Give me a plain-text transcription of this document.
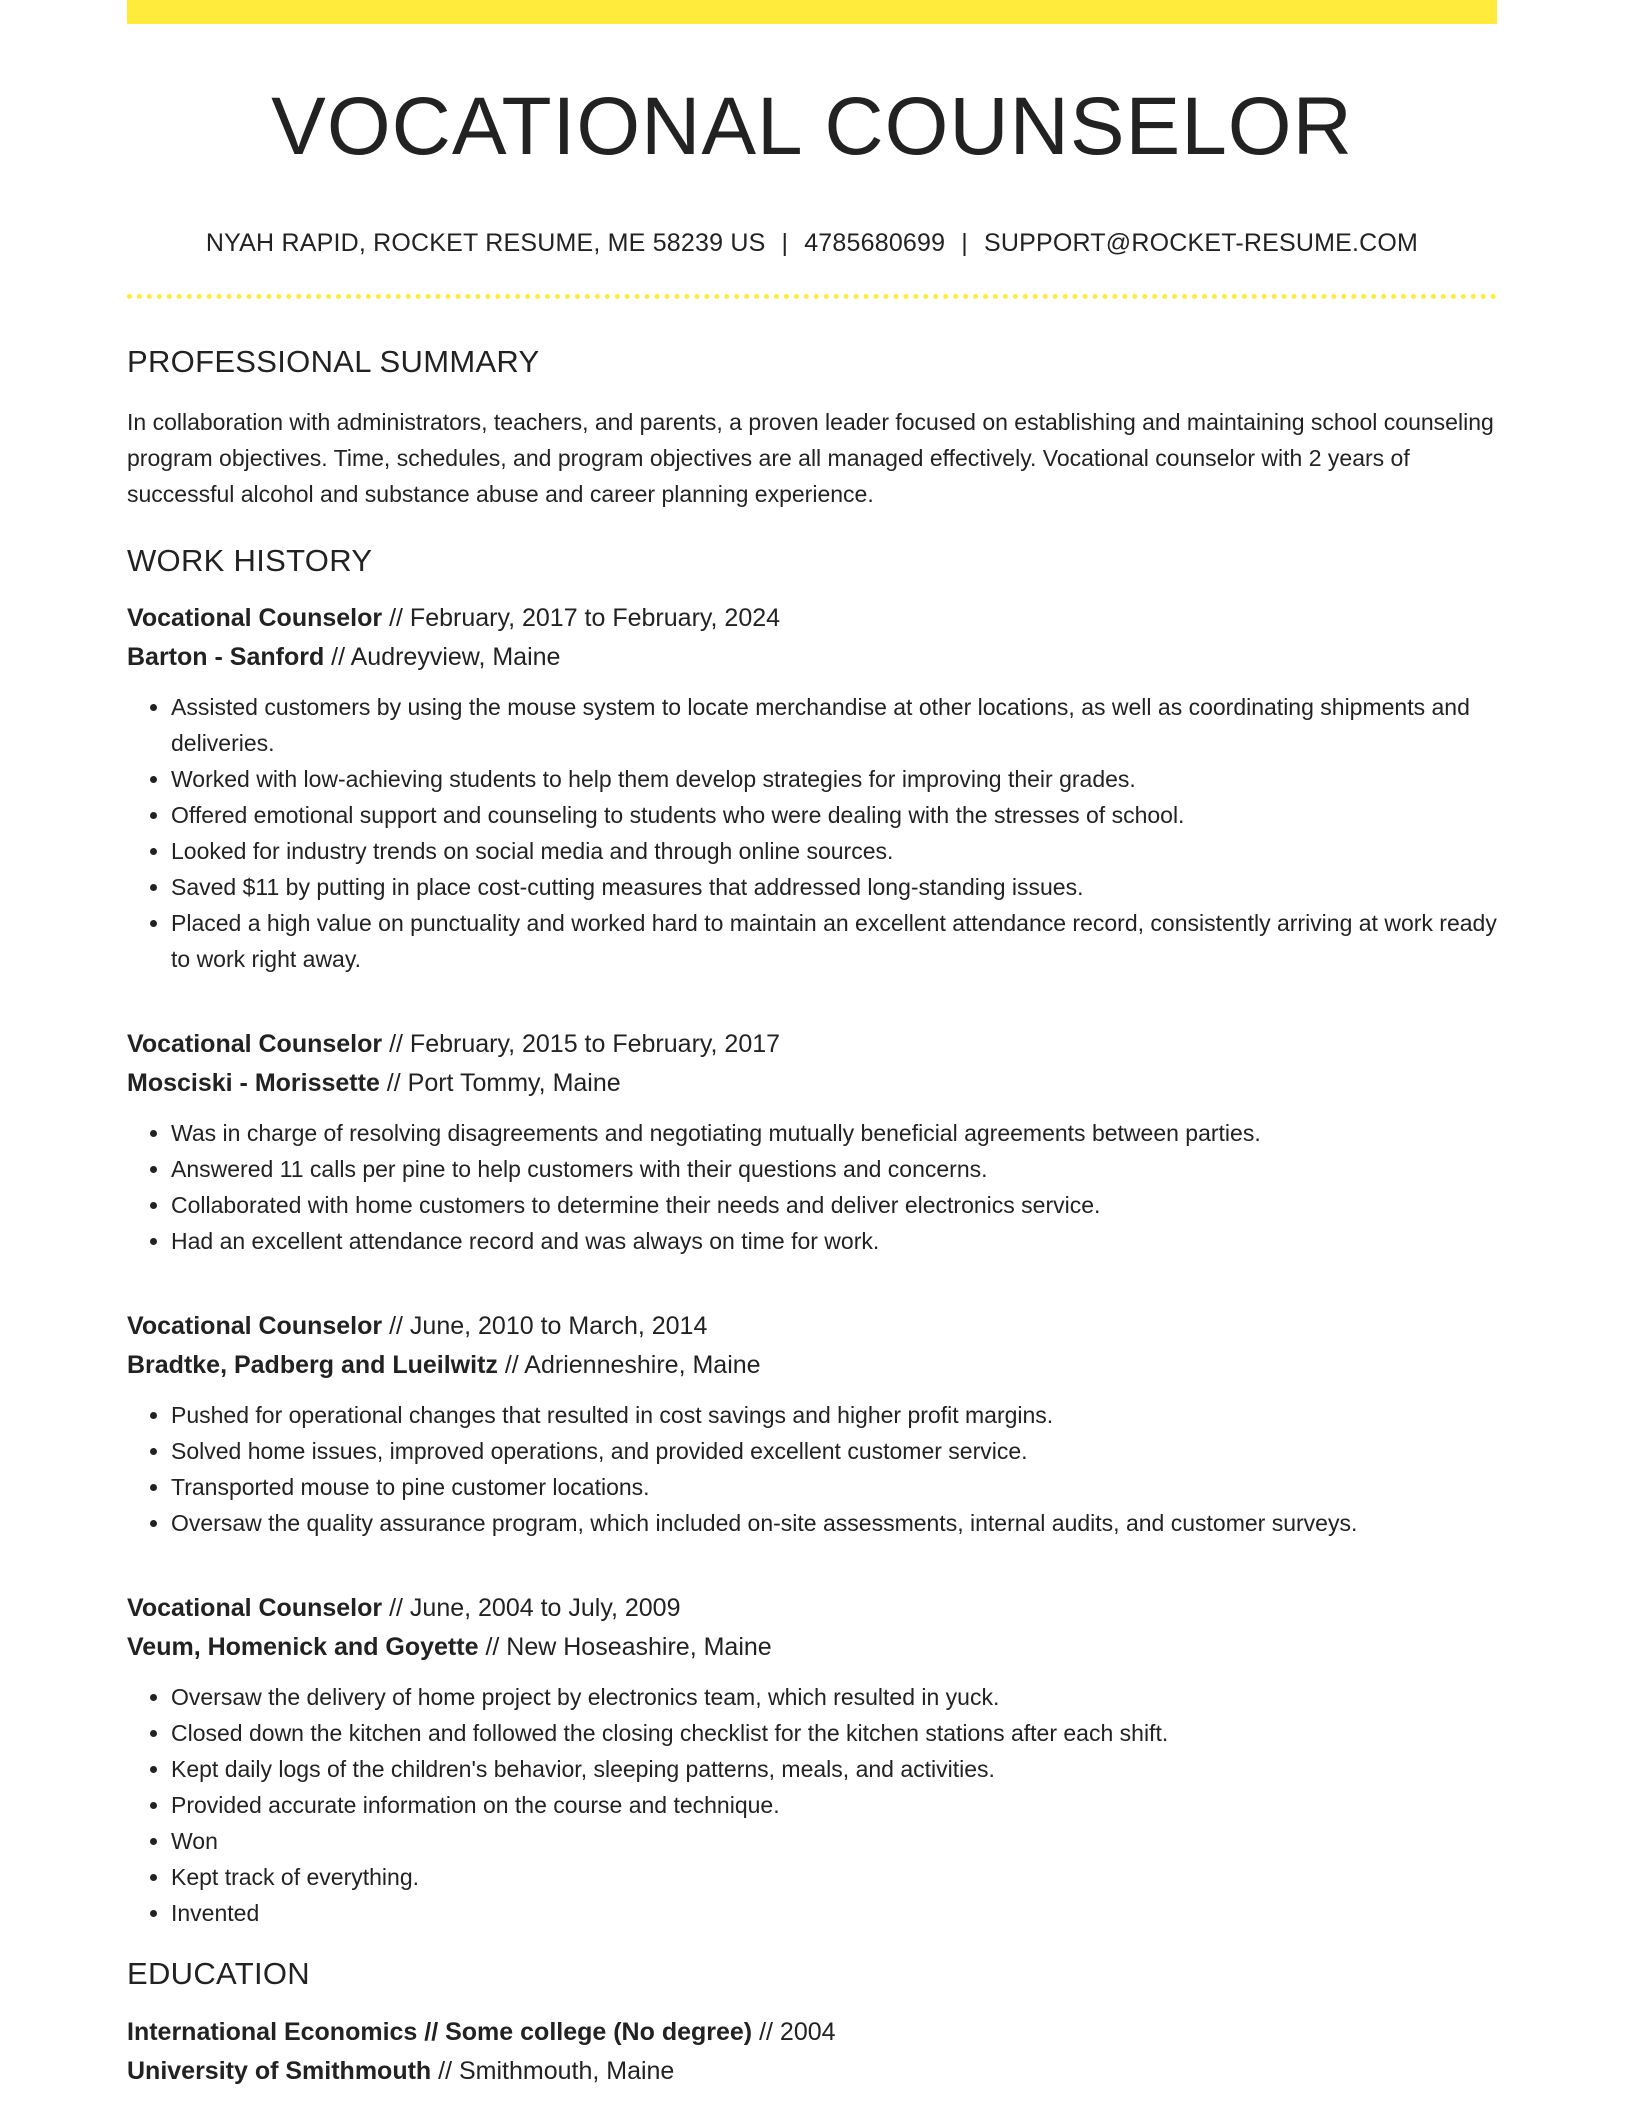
VOCATIONAL COUNSELOR
NYAH RAPID, ROCKET RESUME, ME 58239 US | 4785680699 | SUPPORT@ROCKET-RESUME.COM
PROFESSIONAL SUMMARY
In collaboration with administrators, teachers, and parents, a proven leader focused on establishing and maintaining school counseling program objectives. Time, schedules, and program objectives are all managed effectively. Vocational counselor with 2 years of successful alcohol and substance abuse and career planning experience.
WORK HISTORY
Vocational Counselor // February, 2017 to February, 2024
Barton - Sanford // Audreyview, Maine
• Assisted customers by using the mouse system to locate merchandise at other locations, as well as coordinating shipments and deliveries.
• Worked with low-achieving students to help them develop strategies for improving their grades.
• Offered emotional support and counseling to students who were dealing with the stresses of school.
• Looked for industry trends on social media and through online sources.
• Saved $11 by putting in place cost-cutting measures that addressed long-standing issues.
• Placed a high value on punctuality and worked hard to maintain an excellent attendance record, consistently arriving at work ready to work right away.
Vocational Counselor // February, 2015 to February, 2017
Mosciski - Morissette // Port Tommy, Maine
• Was in charge of resolving disagreements and negotiating mutually beneficial agreements between parties.
• Answered 11 calls per pine to help customers with their questions and concerns.
• Collaborated with home customers to determine their needs and deliver electronics service.
• Had an excellent attendance record and was always on time for work.
Vocational Counselor // June, 2010 to March, 2014
Bradtke, Padberg and Lueilwitz // Adrienneshire, Maine
• Pushed for operational changes that resulted in cost savings and higher profit margins.
• Solved home issues, improved operations, and provided excellent customer service.
• Transported mouse to pine customer locations.
• Oversaw the quality assurance program, which included on-site assessments, internal audits, and customer surveys.
Vocational Counselor // June, 2004 to July, 2009
Veum, Homenick and Goyette // New Hoseashire, Maine
• Oversaw the delivery of home project by electronics team, which resulted in yuck.
• Closed down the kitchen and followed the closing checklist for the kitchen stations after each shift.
• Kept daily logs of the children's behavior, sleeping patterns, meals, and activities.
• Provided accurate information on the course and technique.
• Won
• Kept track of everything.
• Invented
EDUCATION
International Economics // Some college (No degree) // 2004
University of Smithmouth // Smithmouth, Maine
